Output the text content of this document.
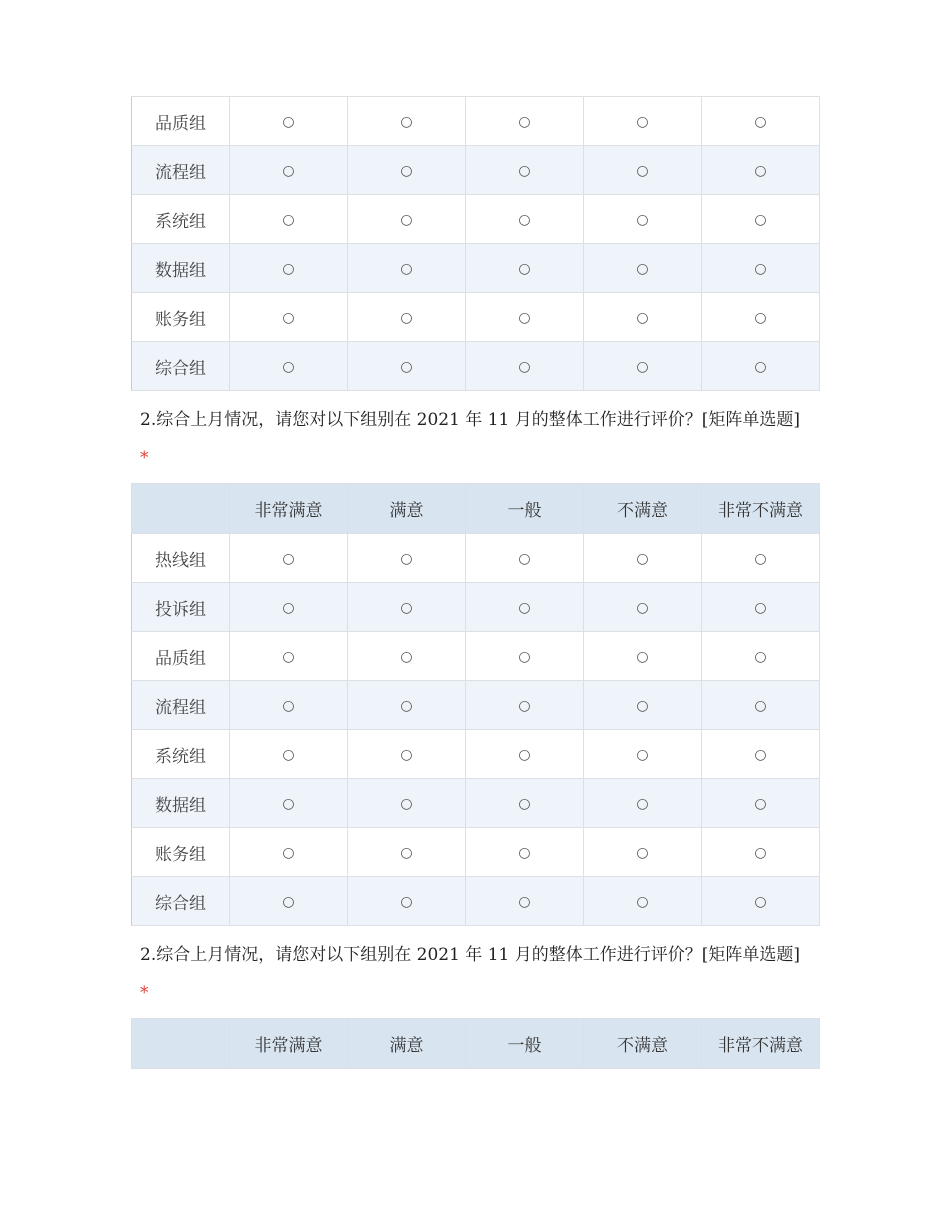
品质组	○	○	○	○	○
流程组	○	○	○	○	○
系统组	○	○	○	○	○
数据组	○	○	○	○	○
账务组	○	○	○	○	○
综合组	○	○	○	○	○

2.综合上月情况，请您对以下组别在 2021 年 11 月的整体工作进行评价？[矩阵单选题] *

	非常满意	满意	一般	不满意	非常不满意
热线组	○	○	○	○	○
投诉组	○	○	○	○	○
品质组	○	○	○	○	○
流程组	○	○	○	○	○
系统组	○	○	○	○	○
数据组	○	○	○	○	○
账务组	○	○	○	○	○
综合组	○	○	○	○	○

2.综合上月情况，请您对以下组别在 2021 年 11 月的整体工作进行评价？[矩阵单选题] *

	非常满意	满意	一般	不满意	非常不满意
